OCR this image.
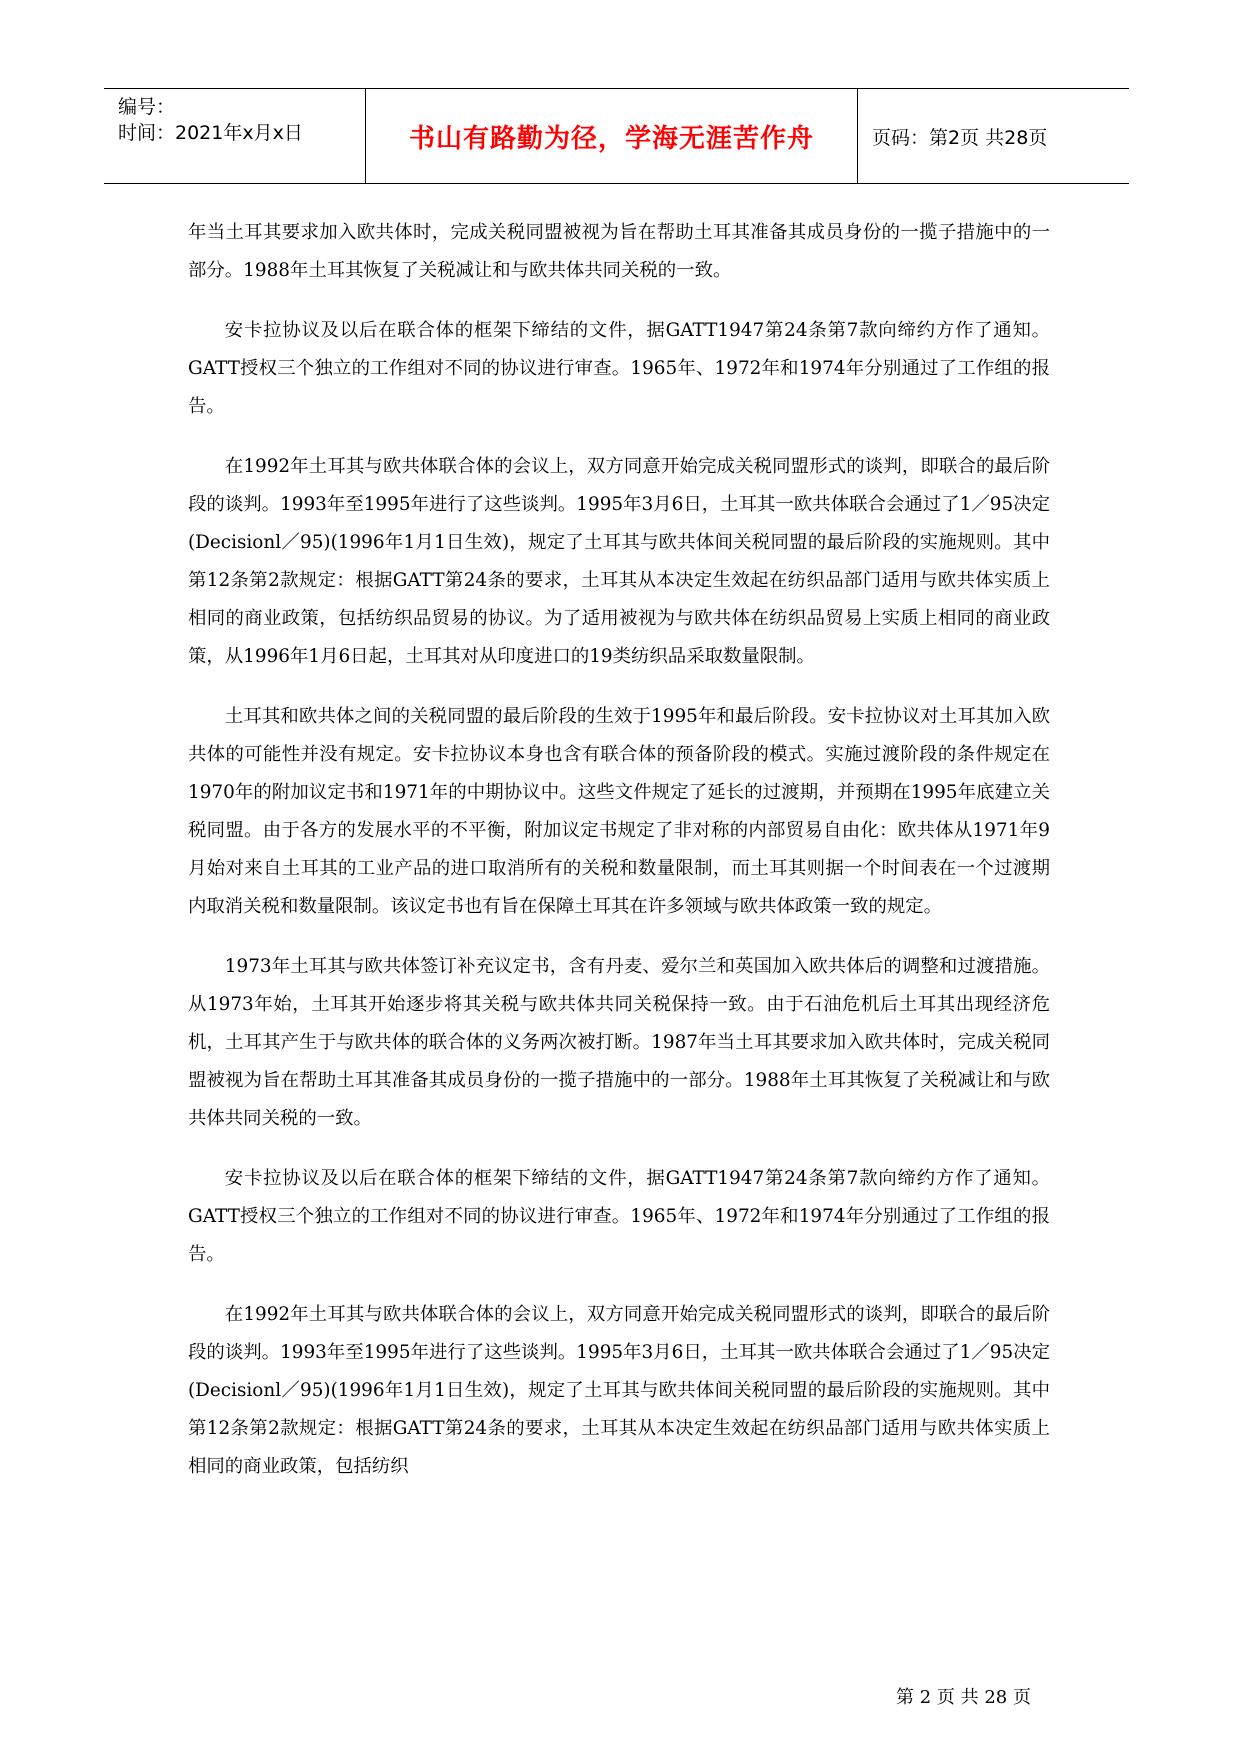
编号：
时间：2021年x月x日	书山有路勤为径，学海无涯苦作舟	页码：第2页 共28页

年当土耳其要求加入欧共体时，完成关税同盟被视为旨在帮助土耳其准备其成员身份的一揽子措施中的一部分。1988年土耳其恢复了关税减让和与欧共体共同关税的一致。

安卡拉协议及以后在联合体的框架下缔结的文件，据GATT1947第24条第7款向缔约方作了通知。GATT授权三个独立的工作组对不同的协议进行审查。1965年、1972年和1974年分别通过了工作组的报告。

在1992年土耳其与欧共体联合体的会议上，双方同意开始完成关税同盟形式的谈判，即联合的最后阶段的谈判。1993年至1995年进行了这些谈判。1995年3月6日，土耳其一欧共体联合会通过了1／95决定(Decisionl／95)(1996年1月1日生效)，规定了土耳其与欧共体间关税同盟的最后阶段的实施规则。其中第12条第2款规定：根据GATT第24条的要求，土耳其从本决定生效起在纺织品部门适用与欧共体实质上相同的商业政策，包括纺织品贸易的协议。为了适用被视为与欧共体在纺织品贸易上实质上相同的商业政策，从1996年1月6日起，土耳其对从印度进口的19类纺织品采取数量限制。

土耳其和欧共体之间的关税同盟的最后阶段的生效于1995年和最后阶段。安卡拉协议对土耳其加入欧共体的可能性并没有规定。安卡拉协议本身也含有联合体的预备阶段的模式。实施过渡阶段的条件规定在1970年的附加议定书和1971年的中期协议中。这些文件规定了延长的过渡期，并预期在1995年底建立关税同盟。由于各方的发展水平的不平衡，附加议定书规定了非对称的内部贸易自由化：欧共体从1971年9月始对来自土耳其的工业产品的进口取消所有的关税和数量限制，而土耳其则据一个时间表在一个过渡期内取消关税和数量限制。该议定书也有旨在保障土耳其在许多领域与欧共体政策一致的规定。

1973年土耳其与欧共体签订补充议定书，含有丹麦、爱尔兰和英国加入欧共体后的调整和过渡措施。从1973年始，土耳其开始逐步将其关税与欧共体共同关税保持一致。由于石油危机后土耳其出现经济危机，土耳其产生于与欧共体的联合体的义务两次被打断。1987年当土耳其要求加入欧共体时，完成关税同盟被视为旨在帮助土耳其准备其成员身份的一揽子措施中的一部分。1988年土耳其恢复了关税减让和与欧共体共同关税的一致。

安卡拉协议及以后在联合体的框架下缔结的文件，据GATT1947第24条第7款向缔约方作了通知。GATT授权三个独立的工作组对不同的协议进行审查。1965年、1972年和1974年分别通过了工作组的报告。

在1992年土耳其与欧共体联合体的会议上，双方同意开始完成关税同盟形式的谈判，即联合的最后阶段的谈判。1993年至1995年进行了这些谈判。1995年3月6日，土耳其一欧共体联合会通过了1／95决定(Decisionl／95)(1996年1月1日生效)，规定了土耳其与欧共体间关税同盟的最后阶段的实施规则。其中第12条第2款规定：根据GATT第24条的要求，土耳其从本决定生效起在纺织品部门适用与欧共体实质上相同的商业政策，包括纺织

第 2 页 共 28 页
